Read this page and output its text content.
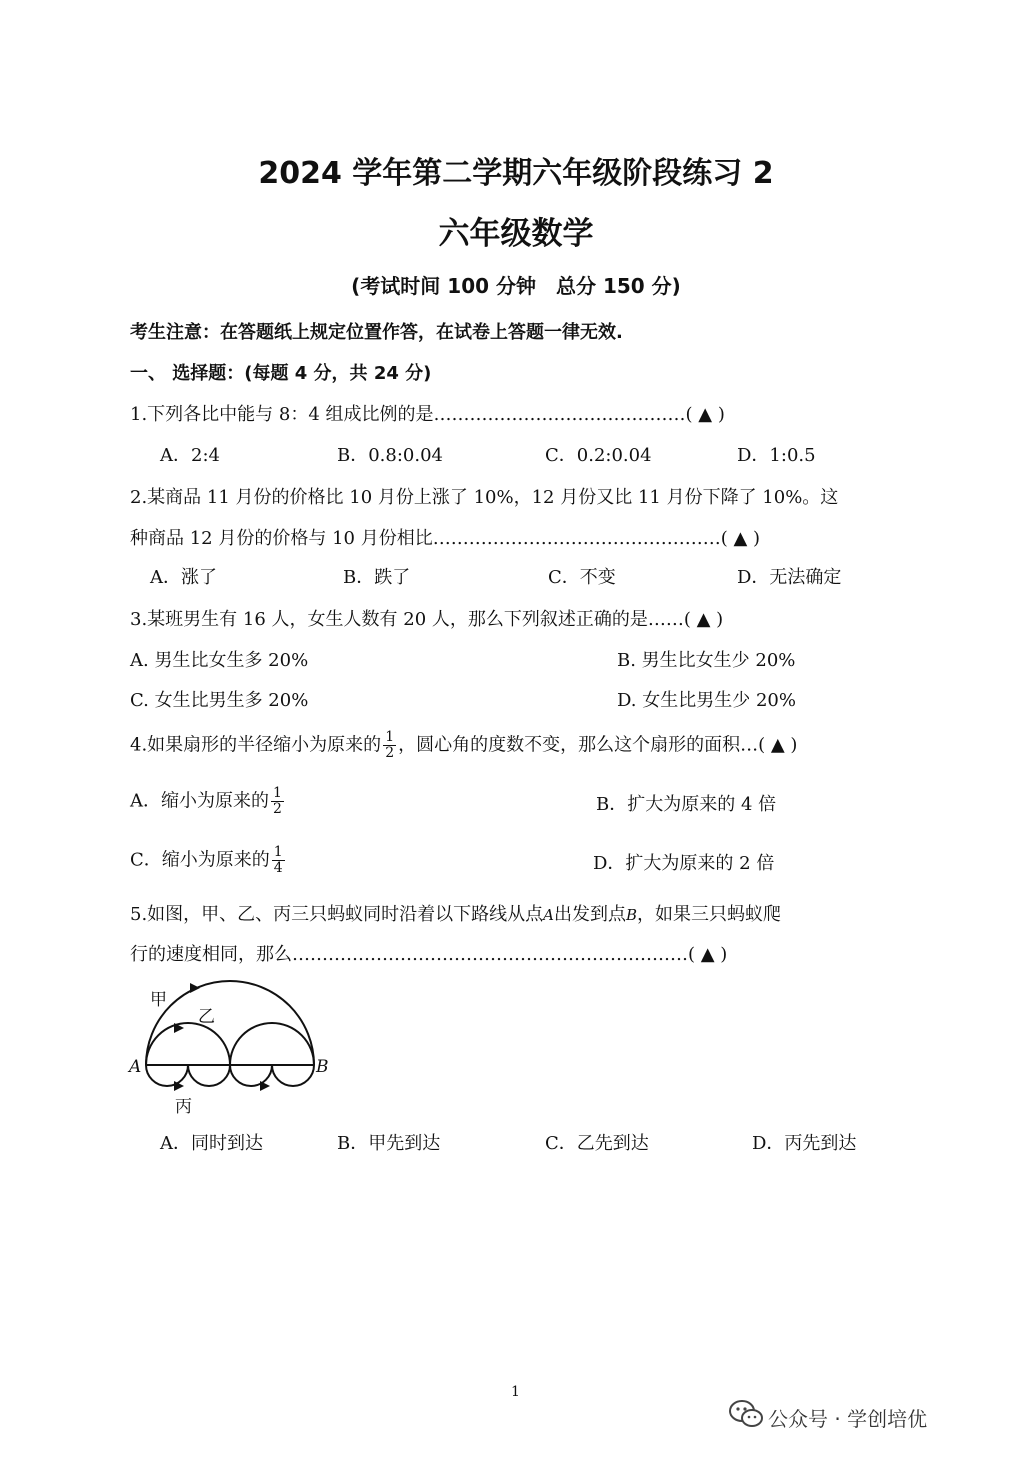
2024 学年第二学期六年级阶段练习 2
六年级数学
(考试时间 100 分钟　总分 150 分)
考生注意：在答题纸上规定位置作答，在试卷上答题一律无效.
一、 选择题：(每题 4 分，共 24 分)
1.下列各比中能与 8：4 组成比例的是……………………………………( ▲ )
A．2:4	B．0.8:0.04	C．0.2:0.04	D．1:0.5
2.某商品 11 月份的价格比 10 月份上涨了 10%，12 月份又比 11 月份下降了 10%。这
种商品 12 月份的价格与 10 月份相比…………………………………………( ▲ )
A．涨了	B．跌了	C．不变	D．无法确定
3.某班男生有 16 人，女生人数有 20 人，那么下列叙述正确的是……( ▲ )
A. 男生比女生多 20%	B. 男生比女生少 20%
C. 女生比男生多 20%	D. 女生比男生少 20%
4.如果扇形的半径缩小为原来的 $\frac{1}{2}$ ，圆心角的度数不变，那么这个扇形的面积…( ▲ )
A．缩小为原来的 $\frac{1}{2}$	B．扩大为原来的 4 倍
C．缩小为原来的 $\frac{1}{4}$	D．扩大为原来的 2 倍
5.如图，甲、乙、丙三只蚂蚁同时沿着以下路线从点A出发到点B，如果三只蚂蚁爬
行的速度相同，那么…………………………………………………………( ▲ )
甲
乙
丙
A	B
A．同时到达	B．甲先到达	C．乙先到达	D．丙先到达
1
公众号 · 学创培优
